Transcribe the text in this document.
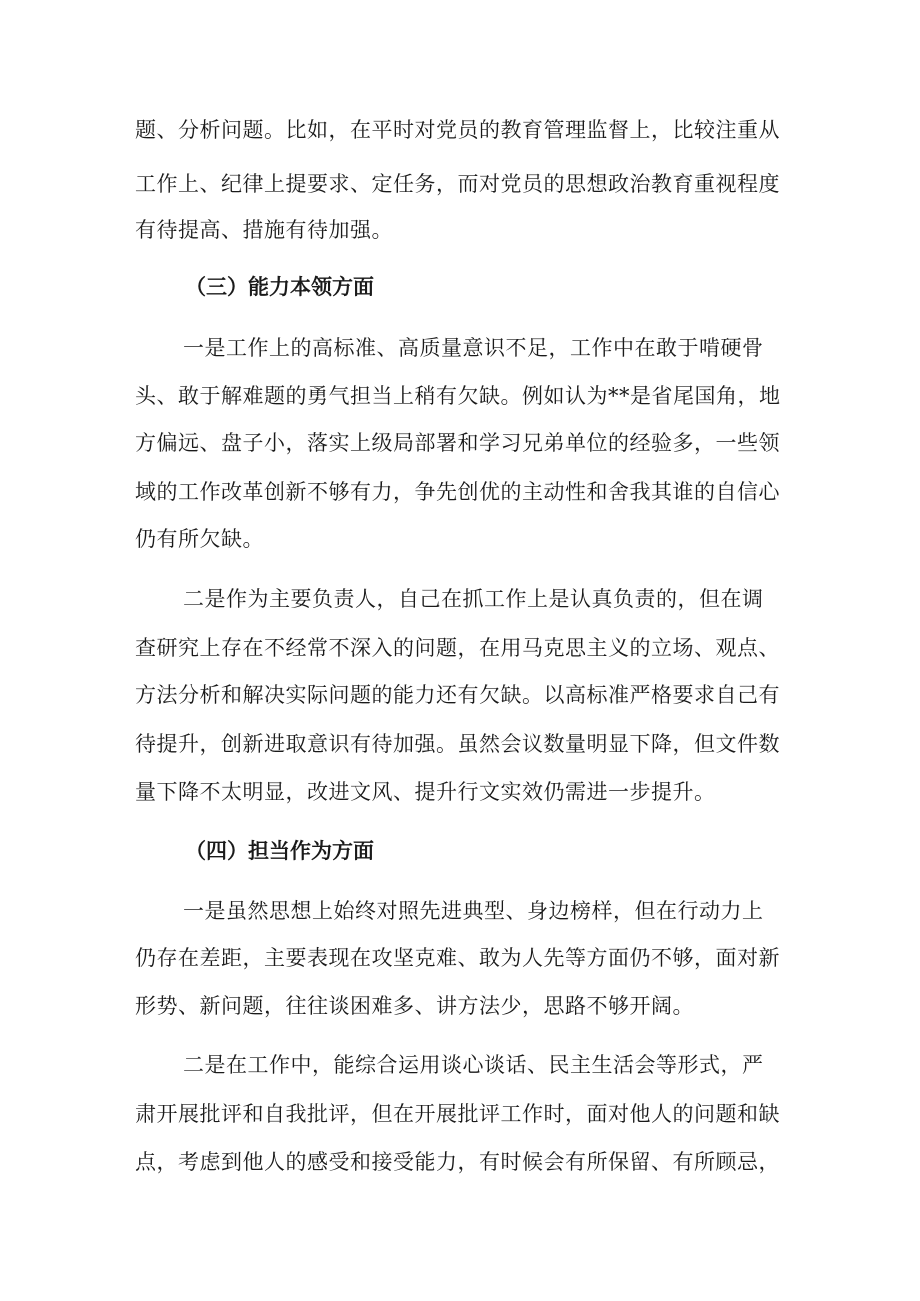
题、分析问题。比如，在平时对党员的教育管理监督上，比较注重从
工作上、纪律上提要求、定任务，而对党员的思想政治教育重视程度
有待提高、措施有待加强。
（三）能力本领方面
一是工作上的高标准、高质量意识不足，工作中在敢于啃硬骨
头、敢于解难题的勇气担当上稍有欠缺。例如认为**是省尾国角，地
方偏远、盘子小，落实上级局部署和学习兄弟单位的经验多，一些领
域的工作改革创新不够有力，争先创优的主动性和舍我其谁的自信心
仍有所欠缺。
二是作为主要负责人，自己在抓工作上是认真负责的，但在调
查研究上存在不经常不深入的问题，在用马克思主义的立场、观点、
方法分析和解决实际问题的能力还有欠缺。以高标准严格要求自己有
待提升，创新进取意识有待加强。虽然会议数量明显下降，但文件数
量下降不太明显，改进文风、提升行文实效仍需进一步提升。
（四）担当作为方面
一是虽然思想上始终对照先进典型、身边榜样，但在行动力上
仍存在差距，主要表现在攻坚克难、敢为人先等方面仍不够，面对新
形势、新问题，往往谈困难多、讲方法少，思路不够开阔。
二是在工作中，能综合运用谈心谈话、民主生活会等形式，严
肃开展批评和自我批评，但在开展批评工作时，面对他人的问题和缺
点，考虑到他人的感受和接受能力，有时候会有所保留、有所顾忌，
